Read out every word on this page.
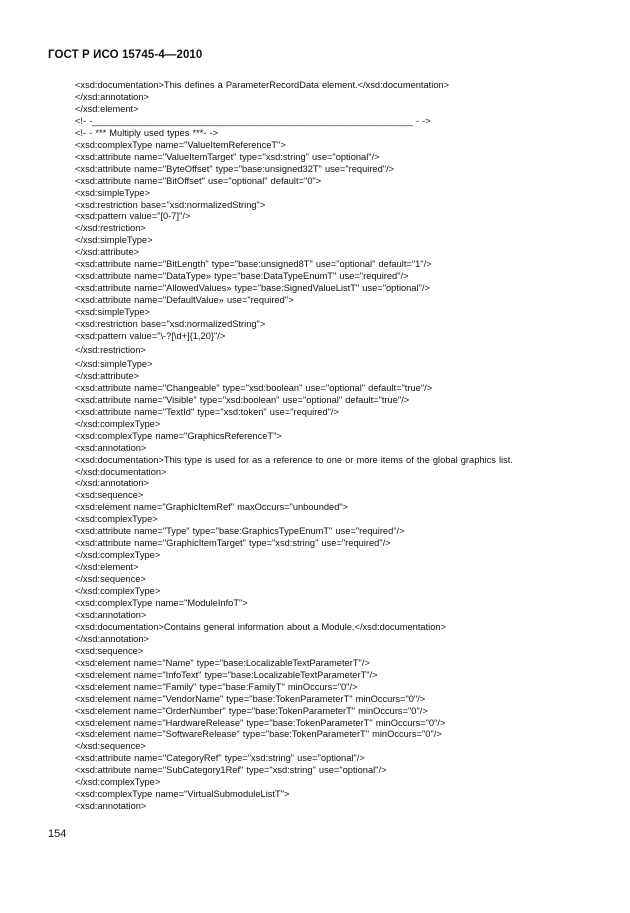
ГОСТ Р ИСО 15745-4—2010
<xsd:documentation>This defines a ParameterRecordData element.</xsd:documentation>
</xsd:annotation>
</xsd:element>
<!- -______________________________________________________________ - ->
<!- - *** Multiply used types ***- ->
<xsd:complexType name="ValueItemReferenceT">
<xsd:attribute name="ValueItemTarget" type="xsd:string" use="optional"/>
<xsd:attribute name="ByteOffset" type="base:unsigned32T" use="required"/>
<xsd:attribute name="BitOffset" use="optional" default="0">
<xsd:simpleType>
<xsd:restriction base="xsd:normalizedString">
<xsd:pattern value="[0-7]"/>
</xsd:restriction>
</xsd:simpleType>
</xsd:attribute>
<xsd:attribute name="BitLength" type="base:unsigned8T" use="optional" default="1"/>
<xsd:attribute name="DataType» type="base:DataTypeEnumT" use="required"/>
<xsd:attribute name="AllowedValues» type="base:SignedValueListT" use="optional"/>
<xsd:attribute name="DefaultValue» use="required">
<xsd:simpleType>
<xsd:restriction base="xsd:normalizedString">
<xsd:pattern value="\-?[\d+]{1,20}"/>
</xsd:restriction>
</xsd:simpleType>
</xsd:attribute>
<xsd:attribute name="Changeable" type="xsd:boolean" use="optional" default="true"/>
<xsd:attribute name="Visible" type="xsd:boolean" use="optional" default="true"/>
<xsd:attribute name="TextId" type="xsd:token" use="required"/>
</xsd:complexType>
<xsd:complexType name="GraphicsReferenceT">
<xsd:annotation>
<xsd:documentation>This type is used for as a reference to one or more items of the global graphics list.</xsd:documentation>
</xsd:annotation>
<xsd:sequence>
<xsd:element name="GraphicItemRef" maxOccurs="unbounded">
<xsd:complexType>
<xsd:attribute name="Type" type="base:GraphicsTypeEnumT" use="required"/>
<xsd:attribute name="GraphicItemTarget" type="xsd:string" use="required"/>
</xsd:complexType>
</xsd:element>
</xsd:sequence>
</xsd:complexType>
<xsd:complexType name="ModuleInfoT">
<xsd:annotation>
<xsd:documentation>Contains general information about a Module.</xsd:documentation>
</xsd:annotation>
<xsd:sequence>
<xsd:element name="Name" type="base:LocalizableTextParameterT"/>
<xsd:element name="InfoText" type="base:LocalizableTextParameterT"/>
<xsd:element name="Family" type="base:FamilyT" minOccurs="0"/>
<xsd:element name="VendorName" type="base:TokenParameterT" minOccurs="0"/>
<xsd:element name="OrderNumber" type="base:TokenParameterT" minOccurs="0"/>
<xsd:element name="HardwareRelease" type="base:TokenParameterT" minOccurs="0"/>
<xsd:element name="SoftwareRelease" type="base:TokenParameterT" minOccurs="0"/>
</xsd:sequence>
<xsd:attribute name="CategoryRef" type="xsd:string" use="optional"/>
<xsd:attribute name="SubCategory1Ref" type="xsd:string" use="optional"/>
</xsd:complexType>
<xsd:complexType name="VirtualSubmoduleListT">
<xsd:annotation>
154
